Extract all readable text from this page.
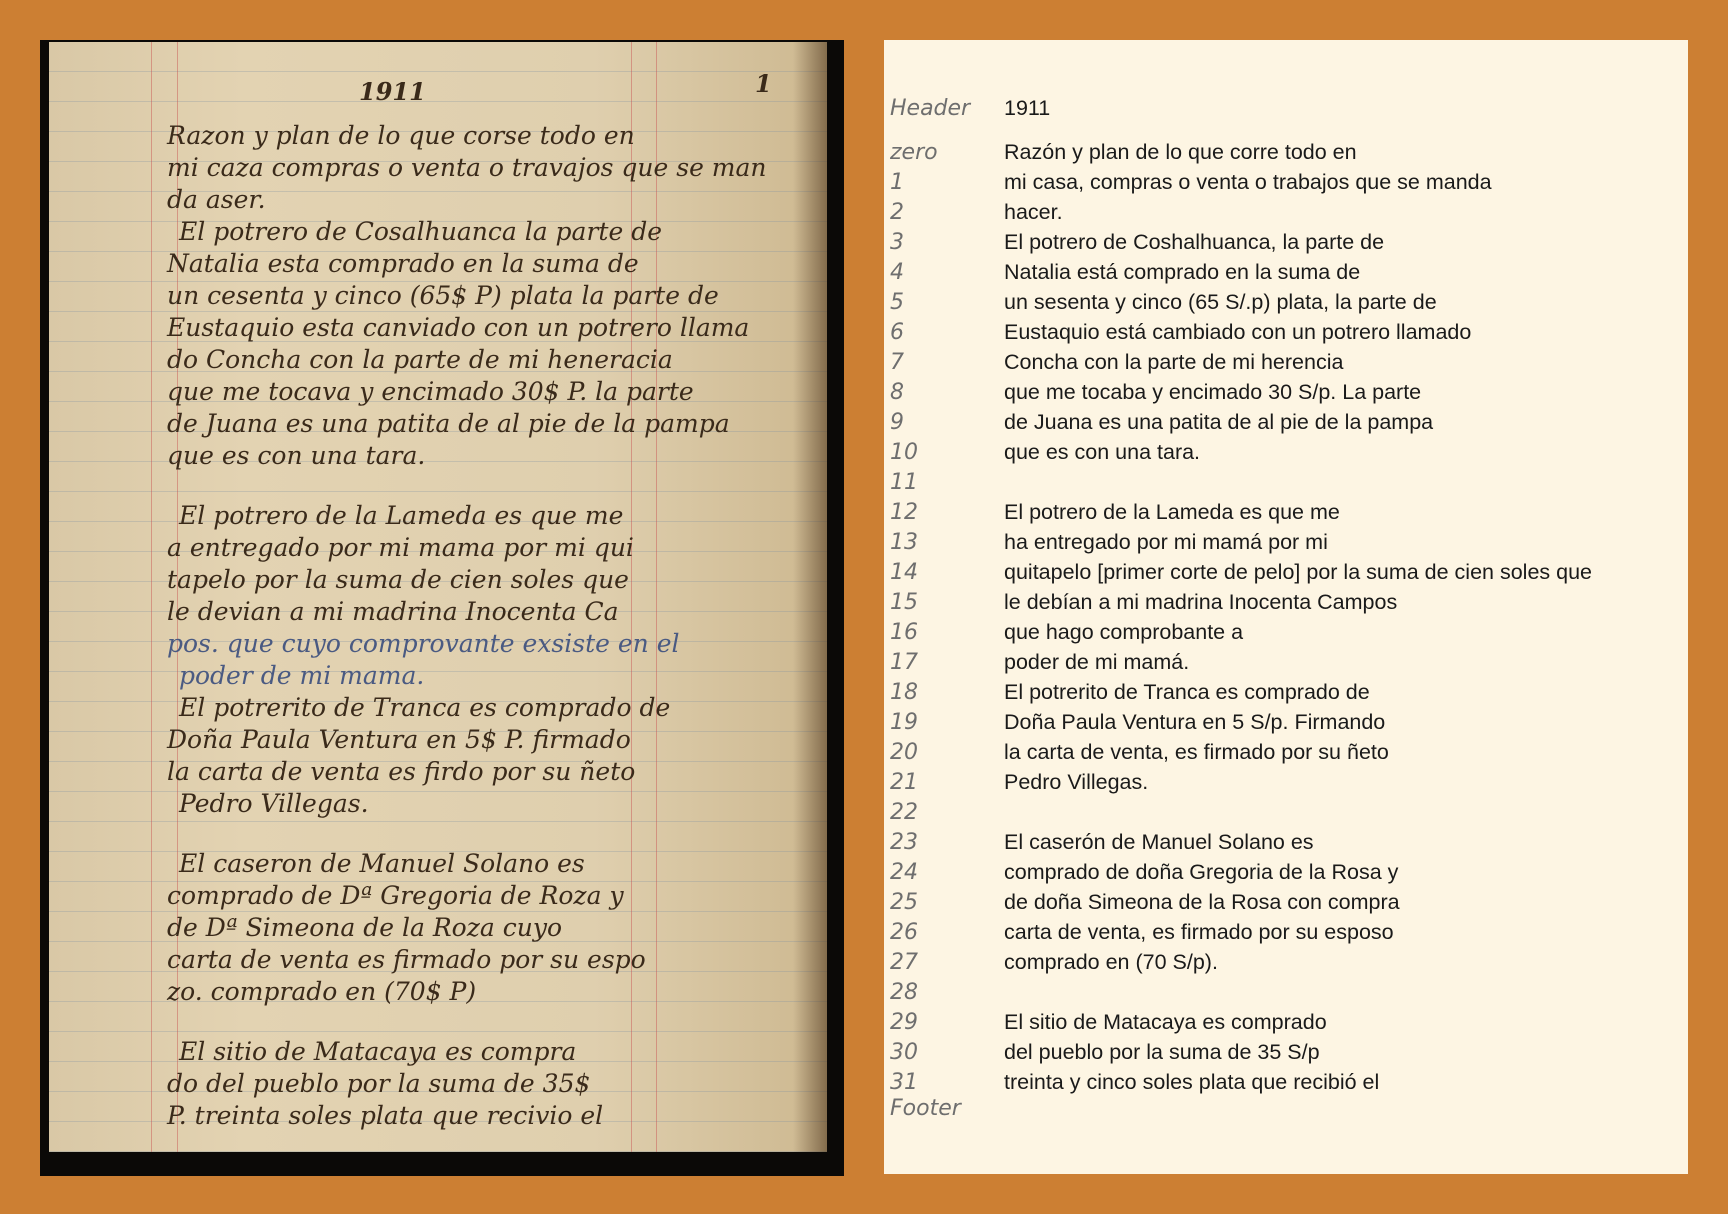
1911	1
Razon y plan de lo que corse todo en
mi caza compras o venta o travajos que se man
da aser.
El potrero de Cosalhuanca la parte de
Natalia esta comprado en la suma de
un cesenta y cinco (65$ P) plata la parte de
Eustaquio esta canviado con un potrero llama
do Concha con la parte de mi heneracia
que me tocava y encimado 30$ P. la parte
de Juana es una patita de al pie de la pampa
que es con una tara.
El potrero de la Lameda es que me
a entregado por mi mama por mi qui
tapelo por la suma de cien soles que
le devian a mi madrina Inocenta Ca
pos. que cuyo comprovante exsiste en el
poder de mi mama.
El potrerito de Tranca es comprado de
Doña Paula Ventura en 5$ P. firmado
la carta de venta es firdo por su ñeto
Pedro Villegas.
El caseron de Manuel Solano es
comprado de Dª Gregoria de Roza y
de Dª Simeona de la Roza cuyo
carta de venta es firmado por su espo
zo. comprado en (70$ P)
El sitio de Matacaya es compra
do del pueblo por la suma de 35$
P. treinta soles plata que recivio el
Header	1911
zero	Razón y plan de lo que corre todo en
1	mi casa, compras o venta o trabajos que se manda
2	hacer.
3	El potrero de Coshalhuanca, la parte de
4	Natalia está comprado en la suma de
5	un sesenta y cinco (65 S/.p) plata, la parte de
6	Eustaquio está cambiado con un potrero llamado
7	Concha con la parte de mi herencia
8	que me tocaba y encimado 30 S/p. La parte
9	de Juana es una patita de al pie de la pampa
10	que es con una tara.
11
12	El potrero de la Lameda es que me
13	ha entregado por mi mamá por mi
14	quitapelo [primer corte de pelo] por la suma de cien soles que
15	le debían a mi madrina Inocenta Campos
16	que hago comprobante a
17	poder de mi mamá.
18	El potrerito de Tranca es comprado de
19	Doña Paula Ventura en 5 S/p. Firmando
20	la carta de venta, es firmado por su ñeto
21	Pedro Villegas.
22
23	El caserón de Manuel Solano es
24	comprado de doña Gregoria de la Rosa y
25	de doña Simeona de la Rosa con compra
26	carta de venta, es firmado por su esposo
27	comprado en (70 S/p).
28
29	El sitio de Matacaya es comprado
30	del pueblo por la suma de 35 S/p
31	treinta y cinco soles plata que recibió el
Footer
